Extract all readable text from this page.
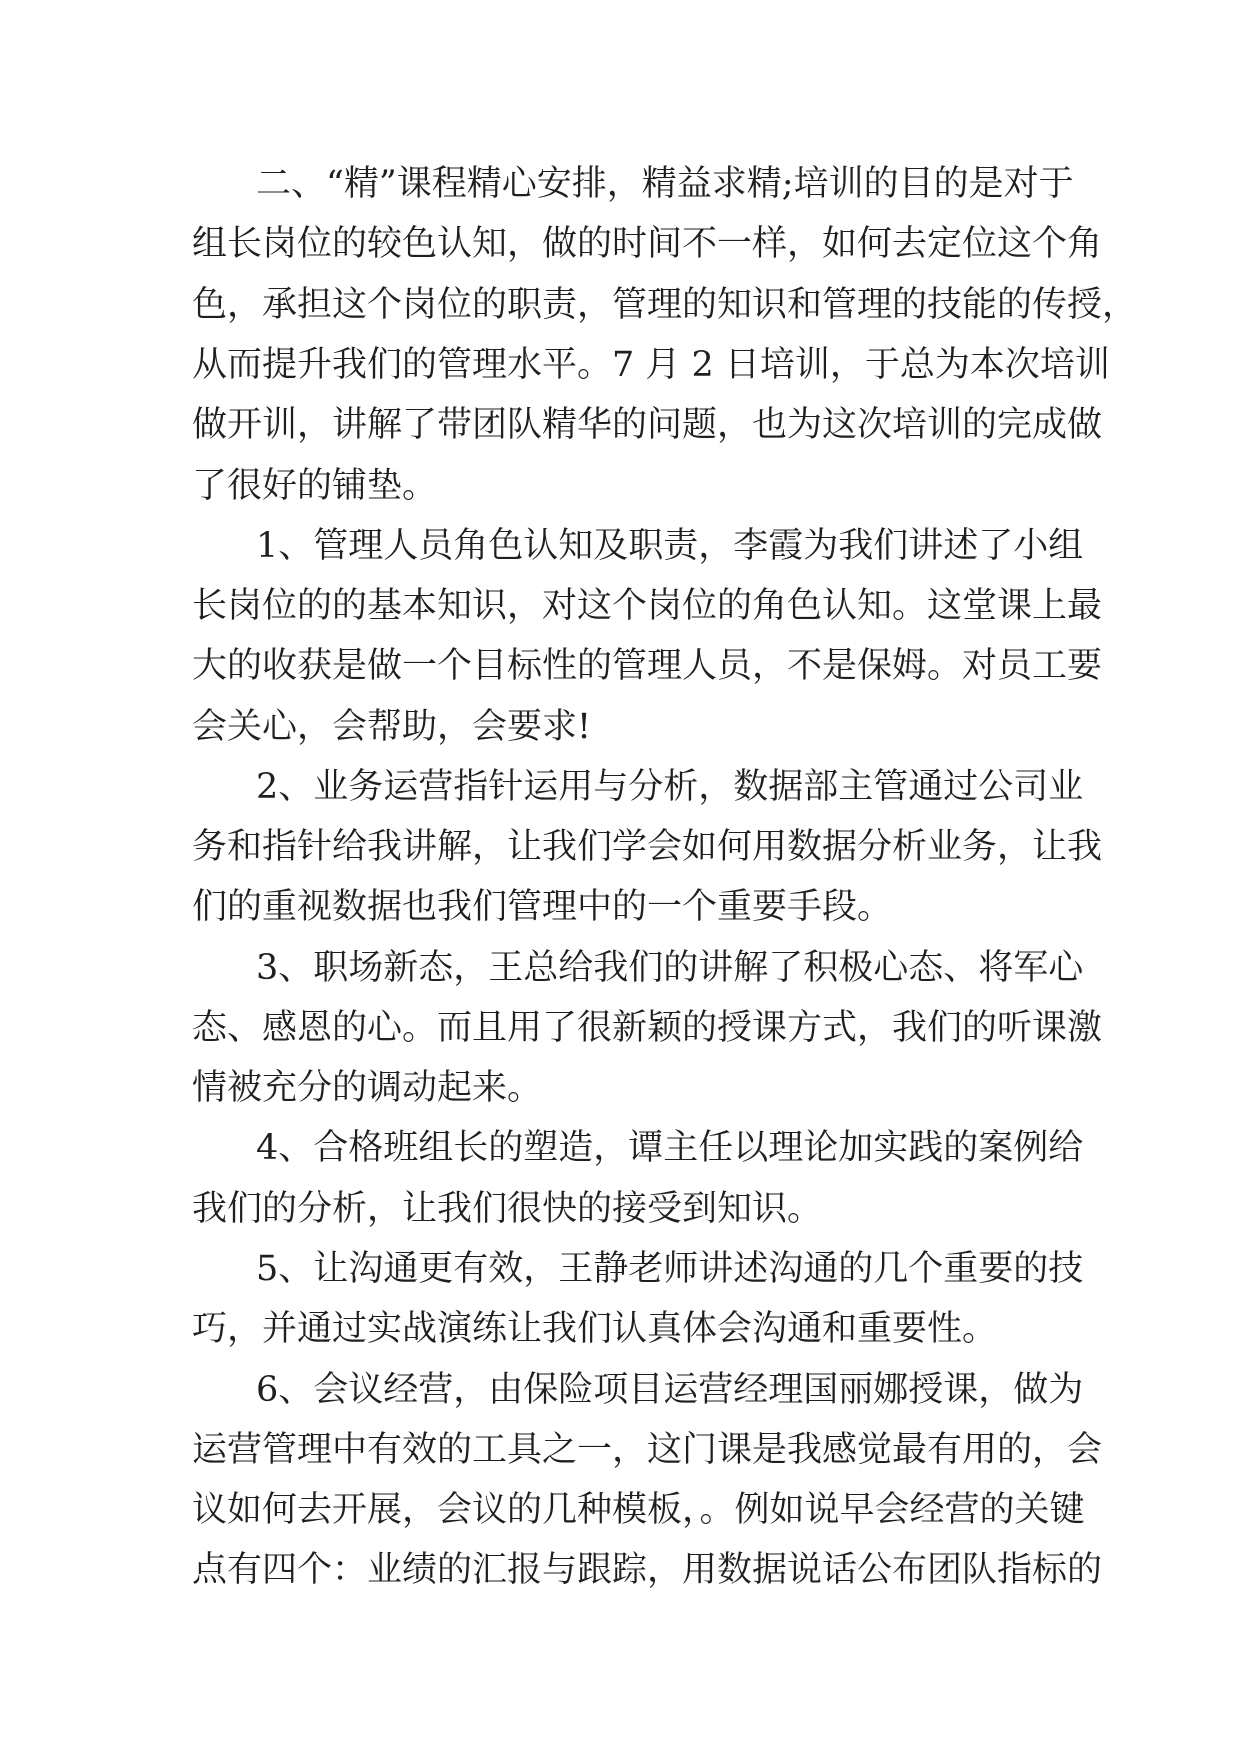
二、“精”课程精心安排，精益求精;培训的目的是对于
组长岗位的较色认知，做的时间不一样，如何去定位这个角
色，承担这个岗位的职责，管理的知识和管理的技能的传授，
从而提升我们的管理水平。7 月 2 日培训，于总为本次培训
做开训，讲解了带团队精华的问题，也为这次培训的完成做
了很好的铺垫。
1、管理人员角色认知及职责，李霞为我们讲述了小组
长岗位的的基本知识，对这个岗位的角色认知。这堂课上最
大的收获是做一个目标性的管理人员，不是保姆。对员工要
会关心，会帮助，会要求!
2、业务运营指针运用与分析，数据部主管通过公司业
务和指针给我讲解，让我们学会如何用数据分析业务，让我
们的重视数据也我们管理中的一个重要手段。
3、职场新态，王总给我们的讲解了积极心态、将军心
态、感恩的心。而且用了很新颖的授课方式，我们的听课激
情被充分的调动起来。
4、合格班组长的塑造，谭主任以理论加实践的案例给
我们的分析，让我们很快的接受到知识。
5、让沟通更有效，王静老师讲述沟通的几个重要的技
巧，并通过实战演练让我们认真体会沟通和重要性。
6、会议经营，由保险项目运营经理国丽娜授课，做为
运营管理中有效的工具之一，这门课是我感觉最有用的，会
议如何去开展，会议的几种模板，。例如说早会经营的关键
点有四个：业绩的汇报与跟踪，用数据说话公布团队指标的
